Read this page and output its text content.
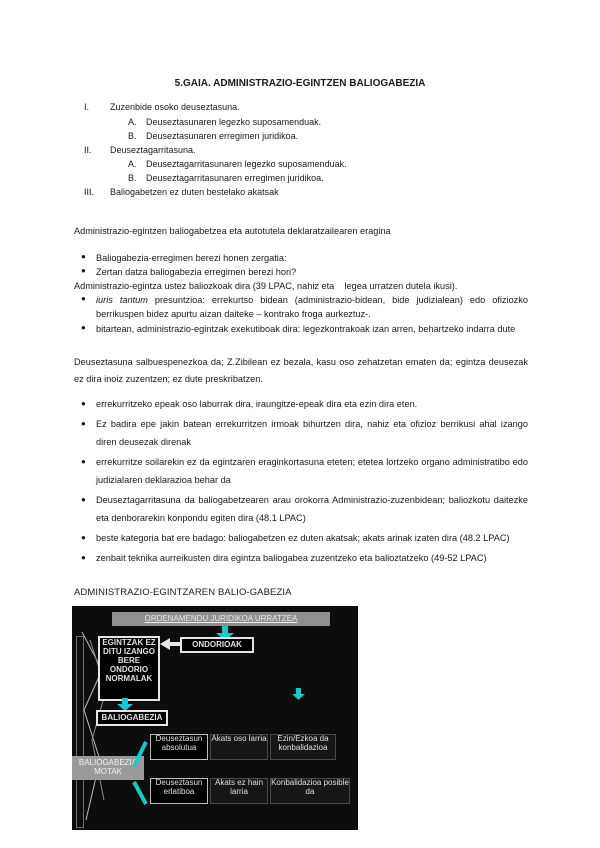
5.GAIA. ADMINISTRAZIO-EGINTZEN BALIOGABEZIA
I. Zuzenbide osoko deuseztasuna.
A. Deuseztasunaren legezko suposamenduak.
B. Deuseztasunaren erregimen juridikoa.
II. Deuseztagarritasuna.
A. Deuseztagarritasunaren legezko suposamenduak.
B. Deuseztagarritasunaren erregimen juridikoa.
III. Baliogabetzen ez duten bestelako akatsak
Administrazio-egintzen baliogabetzea eta autotutela deklaratzailearen eragina
● Baliogabezia-erregimen berezi honen zergatia:
● Zertan datza baliogabezia erregimen berezi hori?
Administrazio-egintza ustez baliozkoak dira (39 LPAC, nahiz eta    legea urratzen dutela ikusi).
● iuris tantum presuntzioa: errekurtso bidean (administrazio-bidean, bide judizialean) edo ofiziozko berrikuspen bidez apurtu aizan daiteke – kontrako froga aurkeztuz-.
● bitartean, administrazio-egintzak exekutiboak dira: legezkontrakoak izan arren, behartzeko indarra dute
Deuseztasuna salbuespenezkoa da; Z.Zibilean ez bezala, kasu oso zehatzetan ematen da; egintza deusezak ez dira inoiz zuzentzen; ez dute preskribatzen.
● errekurritzeko epeak oso laburrak dira, iraungitze-epeak dira eta ezin dira eten.
● Ez badira epe jakin batean errekurritzen irmoak bihurtzen dira, nahiz eta ofizioz berrikusi ahal izango diren deusezak direnak
● errekurritze soilarekin ez da egintzaren eraginkortasuna eteten; etetea lortzeko organo administratibo edo judizialaren deklarazioa behar da
● Deuseztagarritasuna da baliogabetzearen arau orokorra Administrazio-zuzenbidean; baliozkotu daitezke eta denborarekin konpondu egiten dira (48.1 LPAC)
● beste kategoria bat ere badago: baliogabetzen ez duten akatsak; akats arinak izaten dira (48.2 LPAC)
● zenbait teknika aurreikusten dira egintza baliogabea zuzentzeko eta balioztatzeko (49-52 LPAC)
ADMINISTRAZIO-EGINTZAREN BALIO-GABEZIA
ORDENAMENDU JURIDIKOA URRATZEA
ONDORIOAK
EGINTZAK EZ DITU IZANGO BERE ONDORIO NORMALAK
BALIOGABEZIA
BALIOGABEZIA MOTAK
Deuseztasun absolutua
Akats oso larria	Ezin/Ezkoa da konbalidazioa
Deuseztasun erlatiboa
Akats ez hain larria
Konbalidazioa posible da
